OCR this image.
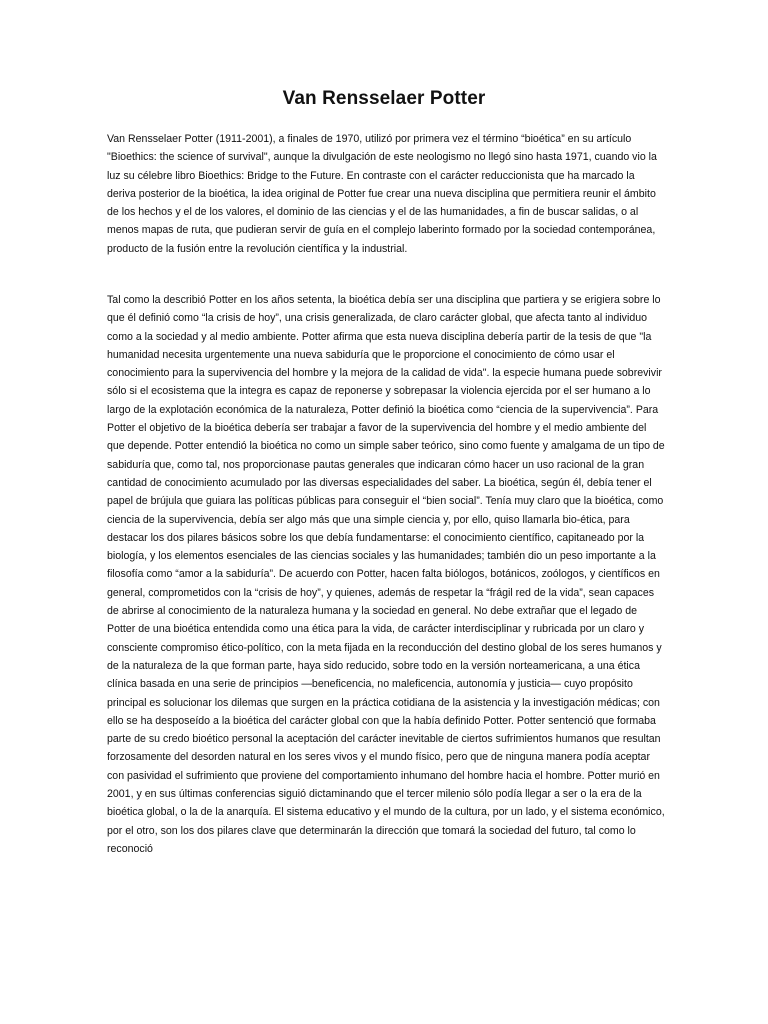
Van Rensselaer Potter

Van Rensselaer Potter (1911-2001), a finales de 1970, utilizó por primera vez el término “bioética” en su artículo "Bioethics: the science of survival", aunque la divulgación de este neologismo no llegó sino hasta 1971, cuando vio la luz su célebre libro Bioethics: Bridge to the Future. En contraste con el carácter reduccionista que ha marcado la deriva posterior de la bioética, la idea original de Potter fue crear una nueva disciplina que permitiera reunir el ámbito de los hechos y el de los valores, el dominio de las ciencias y el de las humanidades, a fin de buscar salidas, o al menos mapas de ruta, que pudieran servir de guía en el complejo laberinto formado por la sociedad contemporánea, producto de la fusión entre la revolución científica y la industrial.

Tal como la describió Potter en los años setenta, la bioética debía ser una disciplina que partiera y se erigiera sobre lo que él definió como “la crisis de hoy”, una crisis generalizada, de claro carácter global, que afecta tanto al individuo como a la sociedad y al medio ambiente. Potter afirma que esta nueva disciplina debería partir de la tesis de que "la humanidad necesita urgentemente una nueva sabiduría que le proporcione el conocimiento de cómo usar el conocimiento para la supervivencia del hombre y la mejora de la calidad de vida". la especie humana puede sobrevivir sólo si el ecosistema que la integra es capaz de reponerse y sobrepasar la violencia ejercida por el ser humano a lo largo de la explotación económica de la naturaleza, Potter definió la bioética como “ciencia de la supervivencia”. Para Potter el objetivo de la bioética debería ser trabajar a favor de la supervivencia del hombre y el medio ambiente del que depende. Potter entendió la bioética no como un simple saber teórico, sino como fuente y amalgama de un tipo de sabiduría que, como tal, nos proporcionase pautas generales que indicaran cómo hacer un uso racional de la gran cantidad de conocimiento acumulado por las diversas especialidades del saber. La bioética, según él, debía tener el papel de brújula que guiara las políticas públicas para conseguir el “bien social”. Tenía muy claro que la bioética, como ciencia de la supervivencia, debía ser algo más que una simple ciencia y, por ello, quiso llamarla bio-ética, para destacar los dos pilares básicos sobre los que debía fundamentarse: el conocimiento científico, capitaneado por la biología, y los elementos esenciales de las ciencias sociales y las humanidades; también dio un peso importante a la filosofía como “amor a la sabiduría”. De acuerdo con Potter, hacen falta biólogos, botánicos, zoólogos, y científicos en general, comprometidos con la “crisis de hoy”, y quienes, además de respetar la “frágil red de la vida”, sean capaces de abrirse al conocimiento de la naturaleza humana y la sociedad en general. No debe extrañar que el legado de Potter de una bioética entendida como una ética para la vida, de carácter interdisciplinar y rubricada por un claro y consciente compromiso ético-político, con la meta fijada en la reconducción del destino global de los seres humanos y de la naturaleza de la que forman parte, haya sido reducido, sobre todo en la versión norteamericana, a una ética clínica basada en una serie de principios —beneficencia, no maleficencia, autonomía y justicia— cuyo propósito principal es solucionar los dilemas que surgen en la práctica cotidiana de la asistencia y la investigación médicas; con ello se ha desposeído a la bioética del carácter global con que la había definido Potter. Potter sentenció que formaba parte de su credo bioético personal la aceptación del carácter inevitable de ciertos sufrimientos humanos que resultan forzosamente del desorden natural en los seres vivos y el mundo físico, pero que de ninguna manera podía aceptar con pasividad el sufrimiento que proviene del comportamiento inhumano del hombre hacia el hombre. Potter murió en 2001, y en sus últimas conferencias siguió dictaminando que el tercer milenio sólo podía llegar a ser o la era de la bioética global, o la de la anarquía. El sistema educativo y el mundo de la cultura, por un lado, y el sistema económico, por el otro, son los dos pilares clave que determinarán la dirección que tomará la sociedad del futuro, tal como lo reconoció
